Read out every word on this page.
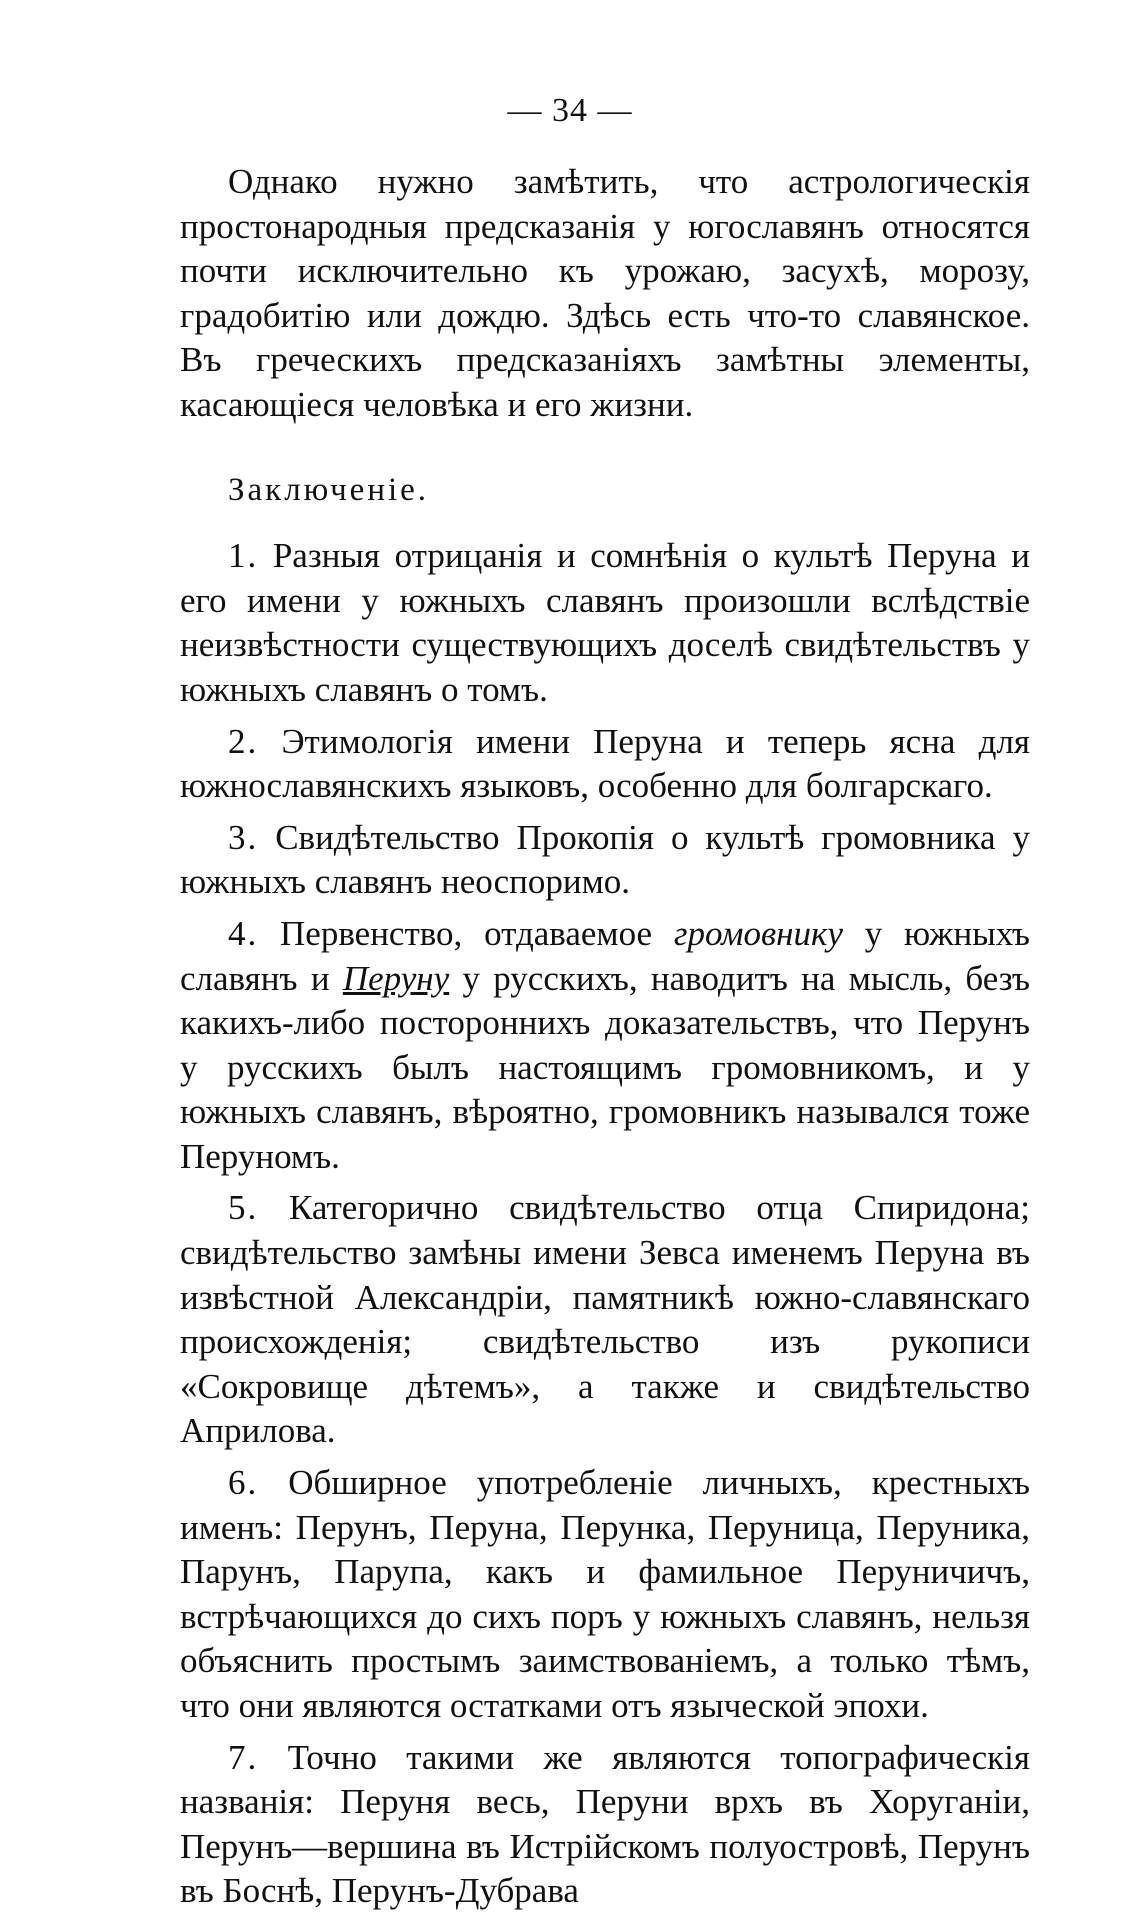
— 34 —

Однако нужно замѣтить, что астрологическія простонародныя предсказанія у югославянъ относятся почти исключительно къ урожаю, засухѣ, морозу, градобитію или дождю. Здѣсь есть что-то славянское. Въ греческихъ предсказаніяхъ замѣтны элементы, касающіеся человѣка и его жизни.

Заключеніе.

1. Разныя отрицанія и сомнѣнія о культѣ Перуна и его имени у южныхъ славянъ произошли вслѣдствіе неизвѣстности существующихъ доселѣ свидѣтельствъ у южныхъ славянъ о томъ.

2. Этимологія имени Перуна и теперь ясна для южнославянскихъ языковъ, особенно для болгарскаго.

3. Свидѣтельство Прокопія о культѣ громовника у южныхъ славянъ неоспоримо.

4. Первенство, отдаваемое громовнику у южныхъ славянъ и Перуну у русскихъ, наводитъ на мысль, безъ какихъ-либо постороннихъ доказательствъ, что Перунъ у русскихъ былъ настоящимъ громовникомъ, и у южныхъ славянъ, вѣроятно, громовникъ назывался тоже Перуномъ.

5. Категорично свидѣтельство отца Спиридона; свидѣтельство замѣны имени Зевса именемъ Перуна въ извѣстной Александріи, памятникѣ южно-славянскаго происхожденія; свидѣтельство изъ рукописи «Сокровище дѣтемъ», а также и свидѣтельство Априлова.

6. Обширное употребленіе личныхъ, крестныхъ именъ: Перунъ, Перуна, Перунка, Перуница, Перуника, Парунъ, Парупа, какъ и фамильное Перуничичъ, встрѣчающихся до сихъ поръ у южныхъ славянъ, нельзя объяснить простымъ заимствованіемъ, а только тѣмъ, что они являются остатками отъ языческой эпохи.

7. Точно такими же являются топографическія названія: Перуня весь, Перуни врхъ въ Хоруганіи, Перунъ—вершина въ Истрійскомъ полуостровѣ, Перунъ въ Боснѣ, Перунъ-Дубрава
